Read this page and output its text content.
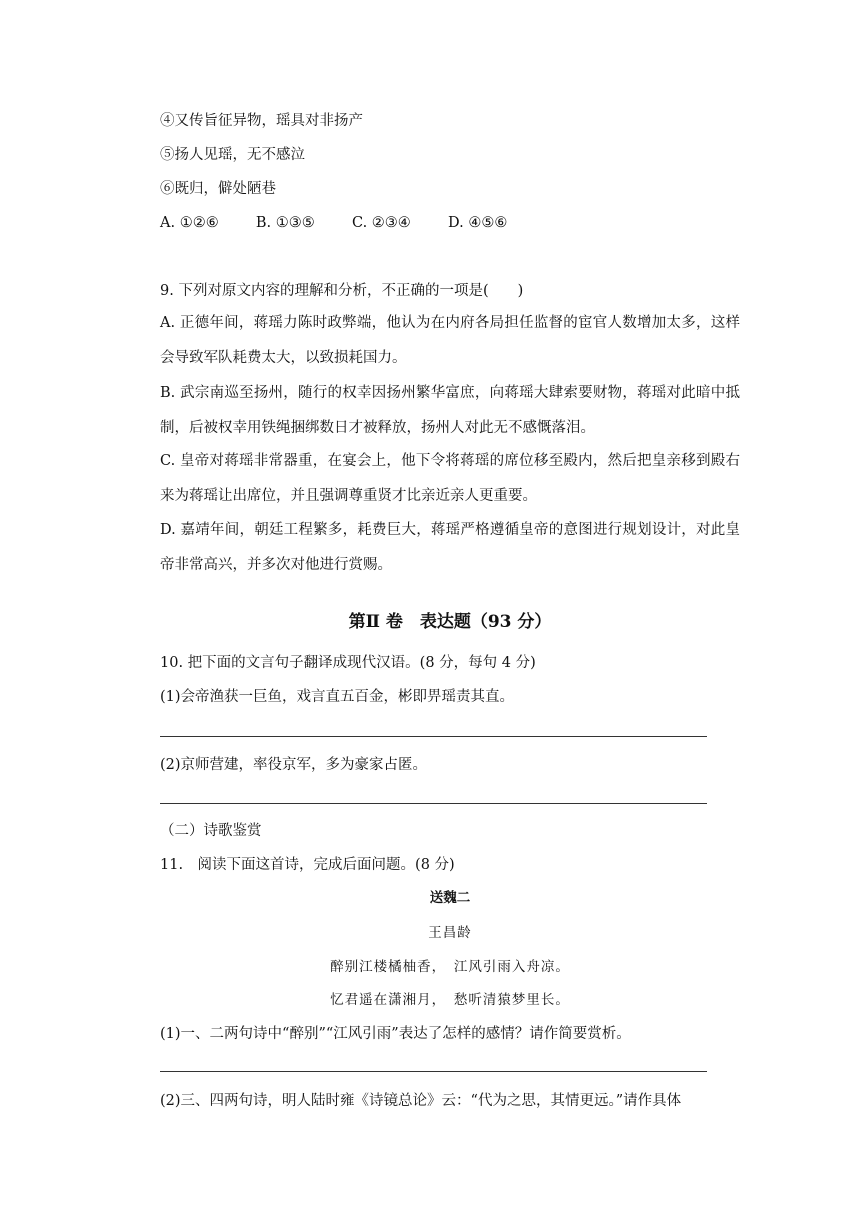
④又传旨征异物，瑶具对非扬产
⑤扬人见瑶，无不感泣
⑥既归，僻处陋巷
A. ①②⑥	B. ①③⑤	C. ②③④	D. ④⑤⑥
9. 下列对原文内容的理解和分析，不正确的一项是(　　)
A. 正德年间，蒋瑶力陈时政弊端，他认为在内府各局担任监督的宦官人数增加太多，这样会导致军队耗费太大，以致损耗国力。
B. 武宗南巡至扬州，随行的权幸因扬州繁华富庶，向蒋瑶大肆索要财物，蒋瑶对此暗中抵制，后被权幸用铁绳捆绑数日才被释放，扬州人对此无不感慨落泪。
C. 皇帝对蒋瑶非常器重，在宴会上，他下令将蒋瑶的席位移至殿内，然后把皇亲移到殿右来为蒋瑶让出席位，并且强调尊重贤才比亲近亲人更重要。
D. 嘉靖年间，朝廷工程繁多，耗费巨大，蒋瑶严格遵循皇帝的意图进行规划设计，对此皇帝非常高兴，并多次对他进行赏赐。
第Ⅱ 卷　表达题（93 分）
10. 把下面的文言句子翻译成现代汉语。(8 分，每句 4 分)
(1)会帝渔获一巨鱼，戏言直五百金，彬即畀瑶责其直。
(2)京师营建，率役京军，多为豪家占匿。
（二）诗歌鉴赏
11.　阅读下面这首诗，完成后面问题。(8 分)
送魏二
王昌龄
醉别江楼橘柚香，　江风引雨入舟凉。
忆君遥在潇湘月，　愁听清猿梦里长。
(1)一、二两句诗中“醉别”“江风引雨”表达了怎样的感情？请作简要赏析。
(2)三、四两句诗，明人陆时雍《诗镜总论》云：“代为之思，其情更远。”请作具体
